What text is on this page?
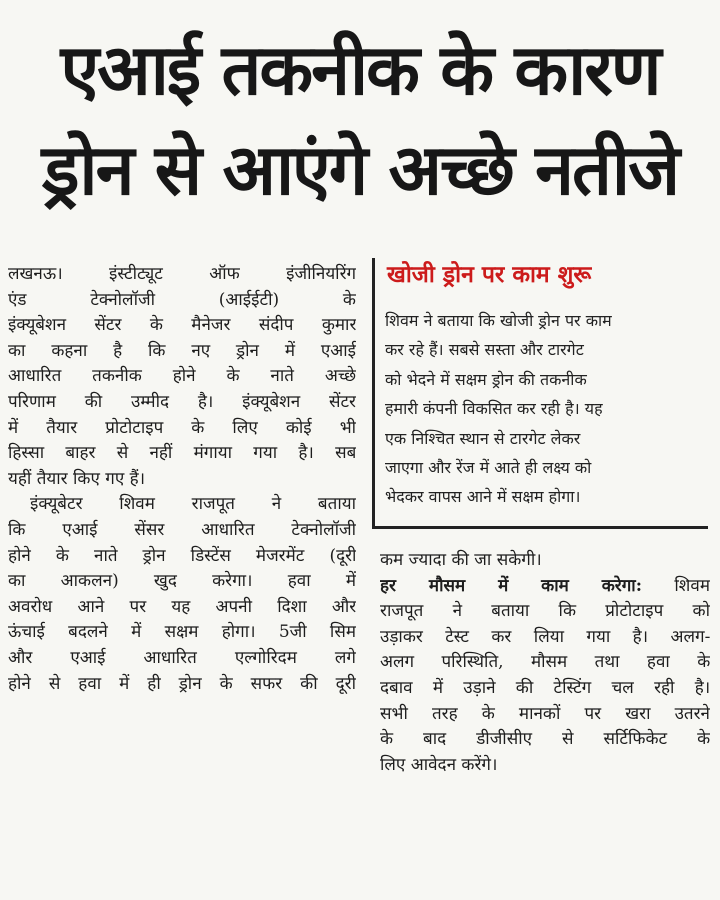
एआई तकनीक के कारण
ड्रोन से आएंगे अच्छे नतीजे
लखनऊ। इंस्टीट्यूट ऑफ इंजीनियरिंग
एंड टेक्नोलॉजी (आईईटी) के
इंक्यूबेशन सेंटर के मैनेजर संदीप कुमार
का कहना है कि नए ड्रोन में एआई
आधारित तकनीक होने के नाते अच्छे
परिणाम की उम्मीद है। इंक्यूबेशन सेंटर
में तैयार प्रोटोटाइप के लिए कोई भी
हिस्सा बाहर से नहीं मंगाया गया है। सब
यहीं तैयार किए गए हैं।
इंक्यूबेटर शिवम राजपूत ने बताया
कि एआई सेंसर आधारित टेक्नोलॉजी
होने के नाते ड्रोन डिस्टेंस मेजरमेंट (दूरी
का आकलन) खुद करेगा। हवा में
अवरोध आने पर यह अपनी दिशा और
ऊंचाई बदलने में सक्षम होगा। 5जी सिम
और एआई आधारित एल्गोरिदम लगे
होने से हवा में ही ड्रोन के सफर की दूरी
खोजी ड्रोन पर काम शुरू
शिवम ने बताया कि खोजी ड्रोन पर काम
कर रहे हैं। सबसे सस्ता और टारगेट
को भेदने में सक्षम ड्रोन की तकनीक
हमारी कंपनी विकसित कर रही है। यह
एक निश्चित स्थान से टारगेट लेकर
जाएगा और रेंज में आते ही लक्ष्य को
भेदकर वापस आने में सक्षम होगा।
कम ज्यादा की जा सकेगी।
हर मौसम में काम करेगा: शिवम
राजपूत ने बताया कि प्रोटोटाइप को
उड़ाकर टेस्ट कर लिया गया है। अलग-
अलग परिस्थिति, मौसम तथा हवा के
दबाव में उड़ाने की टेस्टिंग चल रही है।
सभी तरह के मानकों पर खरा उतरने
के बाद डीजीसीए से सर्टिफिकेट के
लिए आवेदन करेंगे।
